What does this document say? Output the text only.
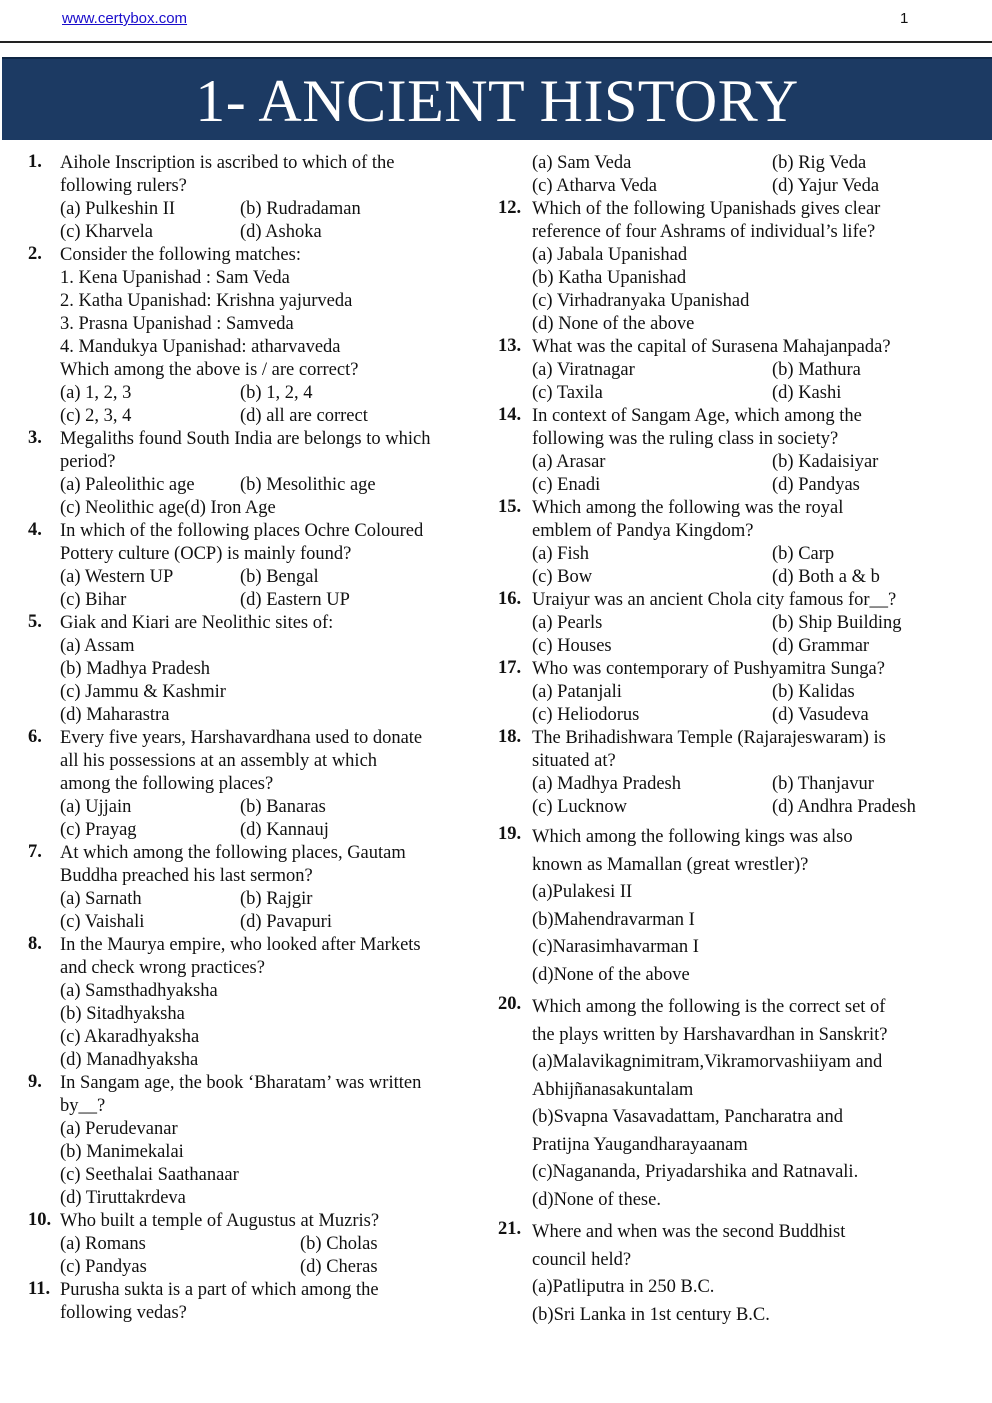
www.certybox.com	1
1- ANCIENT HISTORY
1. Aihole Inscription is ascribed to which of the
following rulers?
(a) Pulkeshin II	(b) Rudradaman
(c) Kharvela	(d) Ashoka
2. Consider the following matches:
1. Kena Upanishad : Sam Veda
2. Katha Upanishad: Krishna yajurveda
3. Prasna Upanishad : Samveda
4. Mandukya Upanishad: atharvaveda
Which among the above is / are correct?
(a) 1, 2, 3	(b) 1, 2, 4
(c) 2, 3, 4	(d) all are correct
3. Megaliths found South India are belongs to which
period?
(a) Paleolithic age	(b) Mesolithic age
(c) Neolithic age(d) Iron Age
4. In which of the following places Ochre Coloured
Pottery culture (OCP) is mainly found?
(a) Western UP	(b) Bengal
(c) Bihar	(d) Eastern UP
5. Giak and Kiari are Neolithic sites of:
(a) Assam
(b) Madhya Pradesh
(c) Jammu & Kashmir
(d) Maharastra
6. Every five years, Harshavardhana used to donate
all his possessions at an assembly at which
among the following places?
(a) Ujjain	(b) Banaras
(c) Prayag	(d) Kannauj
7. At which among the following places, Gautam
Buddha preached his last sermon?
(a) Sarnath	(b) Rajgir
(c) Vaishali	(d) Pavapuri
8. In the Maurya empire, who looked after Markets
and check wrong practices?
(a) Samsthadhyaksha
(b) Sitadhyaksha
(c) Akaradhyaksha
(d) Manadhyaksha
9. In Sangam age, the book ‘Bharatam’ was written
by__?
(a) Perudevanar
(b) Manimekalai
(c) Seethalai Saathanaar
(d) Tiruttakrdeva
10. Who built a temple of Augustus at Muzris?
(a) Romans	(b) Cholas
(c) Pandyas	(d) Cheras
11. Purusha sukta is a part of which among the
following vedas?
(a) Sam Veda	(b) Rig Veda
(c) Atharva Veda	(d) Yajur Veda
12. Which of the following Upanishads gives clear
reference of four Ashrams of individual’s life?
(a) Jabala Upanishad
(b) Katha Upanishad
(c) Virhadranyaka Upanishad
(d) None of the above
13. What was the capital of Surasena Mahajanpada?
(a) Viratnagar	(b) Mathura
(c) Taxila	(d) Kashi
14. In context of Sangam Age, which among the
following was the ruling class in society?
(a) Arasar	(b) Kadaisiyar
(c) Enadi	(d) Pandyas
15. Which among the following was the royal
emblem of Pandya Kingdom?
(a) Fish	(b) Carp
(c) Bow	(d) Both a & b
16. Uraiyur was an ancient Chola city famous for__?
(a) Pearls	(b) Ship Building
(c) Houses	(d) Grammar
17. Who was contemporary of Pushyamitra Sunga?
(a) Patanjali	(b) Kalidas
(c) Heliodorus	(d) Vasudeva
18. The Brihadishwara Temple (Rajarajeswaram) is
situated at?
(a) Madhya Pradesh	(b) Thanjavur
(c) Lucknow	(d) Andhra Pradesh
19. Which among the following kings was also
known as Mamallan (great wrestler)?
(a)Pulakesi II
(b)Mahendravarman I
(c)Narasimhavarman I
(d)None of the above
20. Which among the following is the correct set of
the plays written by Harshavardhan in Sanskrit?
(a)Malavikagnimitram,Vikramorvashiiyam and
Abhijñanasakuntalam
(b)Svapna Vasavadattam, Pancharatra and
Pratijna Yaugandharayaanam
(c)Nagananda, Priyadarshika and Ratnavali.
(d)None of these.
21. Where and when was the second Buddhist
council held?
(a)Patliputra in 250 B.C.
(b)Sri Lanka in 1st century B.C.
